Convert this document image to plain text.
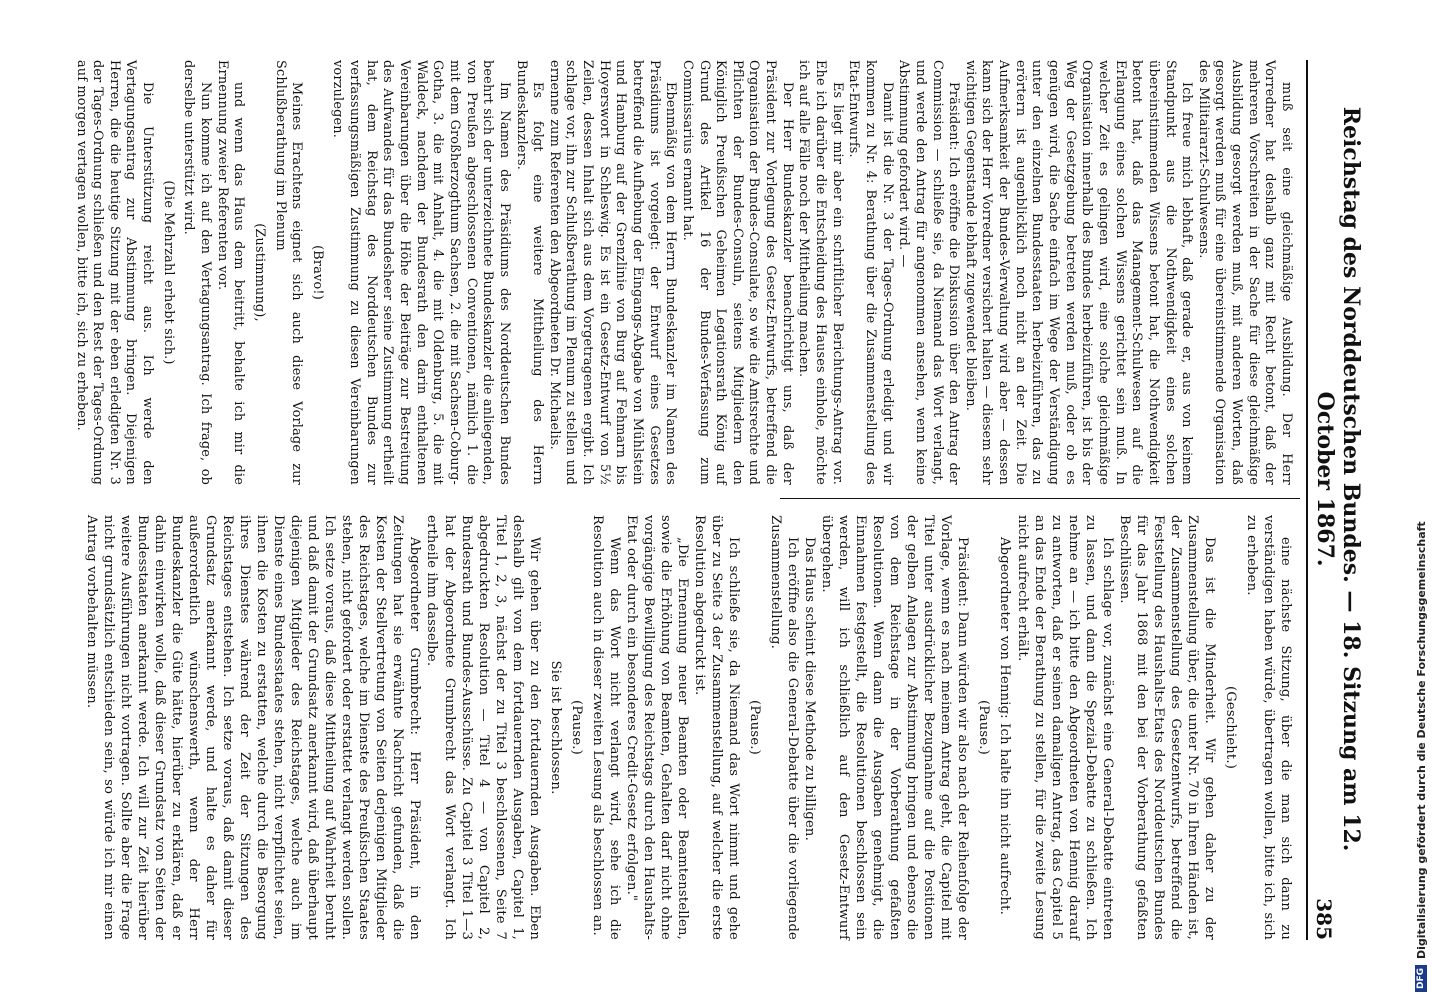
Reichstag des Norddeutschen Bundes. — 18. Sitzung am 12. October 1867.
385

muß seit eine gleichmäßige Ausbildung. Der Herr Vorredner hat deshalb ganz mit Recht betont, daß der mehreren Vorschreiten in der Sache für diese gleichmäßige Ausbildung gesorgt werden muß, mit anderen Worten, daß gesorgt werden muß für eine übereinstimmende Organisation des Militairarzt-Schulwesens.

Ich freue mich lebhaft, daß gerade er, aus von keinem Standpunkt aus die Nothwendigkeit eines solchen übereinstimmenden Wissens betont hat, die Nothwendigkeit betont hat, daß das Management-Schulwesen auf die Erlangung eines solchen Wissens gerichtet sein muß. In welcher Zeit es gelingen wird, eine solche gleichmäßige Organisation innerhalb des Bundes herbeizuführen, ist bis der Weg der Gesetzgebung betreten werden muß, oder ob es genügen wird, die Sache einfach im Wege der Verständigung unter den einzelnen Bundesstaaten herbeizuführen, das zu erörtern ist augenblicklich noch nicht an der Zeit. Die Aufmerksamkeit der Bundes-Verwaltung wird aber — dessen kann sich der Herr Vorredner versichert halten — diesem sehr wichtigen Gegenstande lebhaft zugewendet bleiben.

Präsident: Ich eröffne die Diskussion über den Antrag der Commission — schließe sie, da Niemand das Wort verlangt, und werde den Antrag für angenommen ansehen, wenn keine Abstimmung gefordert wird. —

Damit ist die Nr. 3 der Tages-Ordnung erledigt und wir kommen zu Nr. 4: Berathung über die Zusammenstellung des Etat-Entwurfs.

Es liegt mir aber ein schriftlicher Berichtungs-Antrag vor. Ehe ich darüber die Entscheidung des Hauses einhole, möchte ich auf alle Fälle noch der Mittheilung machen.

Der Herr Bundeskanzler benachrichtigt uns, daß der Präsident zur Vorlegung des Gesetz-Entwurfs, betreffend die Organisation der Bundes-Consulate, so wie die Amtsrechte und Pflichten der Bundes-Consuln, seitens Mitgliedern den Königlich Preußischen Geheimen Legationsrath König auf Grund des Artikel 16 der Bundes-Verfassung zum Commissarius ernannt hat.

Ebenmäßig von dem Herrn Bundeskanzler im Namen des Präsidiums ist vorgelegt: der Entwurf eines Gesetzes betreffend die Aufhebung der Eingangs-Abgabe von Mühlstein und Hamburg auf der Grenzlinie von Burg auf Fehmarn bis Hoyerswort in Schleswig. Es ist ein Gesetz-Entwurf von 5½ Zeilen, dessen Inhalt sich aus dem Vorgetragenen ergibt. Ich schlage vor, ihn zur Schlußberathung im Plenum zu stellen und ernenne zum Referenten den Abgeordneten Dr. Michaelis.

Es folgt eine weitere Mittheilung des Herrn Bundeskanzlers.

Im Namen des Präsidiums des Norddeutschen Bundes beehrt sich der unterzeichnete Bundeskanzler die anliegenden, von Preußen abgeschlossenen Conventionen, nämlich 1. die mit dem Großherzogthum Sachsen, 2. die mit Sachsen-Coburg-Gotha, 3. die mit Anhalt, 4. die mit Oldenburg, 5. die mit Waldeck, nachdem der Bundesrath den darin enthaltenen Vereinbarungen über die Höhe der Beiträge zur Bestreitung des Aufwandes für das Bundesheer seine Zustimmung ertheilt hat, dem Reichstag des Norddeutschen Bundes zur verfassungsmäßigen Zustimmung zu diesen Vereinbarungen vorzulegen.

(Bravo!)

Meines Erachtens eignet sich auch diese Vorlage zur Schlußberathung im Plenum

(Zustimmung),

und wenn das Haus dem beitritt, behalte ich mir die Ernennung zweier Referenten vor.

Nun komme ich auf den Vertagungsantrag. Ich frage, ob derselbe unterstützt wird.

(Die Mehrzahl erhebt sich.)

Die Unterstützung reicht aus. Ich werde den Vertagungsantrag zur Abstimmung bringen. Diejenigen Herren, die die heutige Sitzung mit der eben erledigten Nr. 3 der Tages-Ordnung schließen und den Rest der Tages-Ordnung auf morgen vertagen wollen, bitte ich, sich zu erheben.

eine nächste Sitzung, über die man sich dann zu verständigen haben würde, übertragen wollen, bitte ich, sich zu erheben.

(Geschieht.)

Das ist die Minderheit. Wir gehen daher zu der Zusammenstellung über, die unter Nr. 70 in Ihren Händen ist, der Zusammenstellung des Gesetzentwurfs, betreffend die Feststellung des Haushalts-Etats des Norddeutschen Bundes für das Jahr 1868 mit den bei der Vorberathung gefaßten Beschlüssen.

Ich schlage vor, zunächst eine General-Debatte eintreten zu lassen, und dann die Spezial-Debatte zu schließen. Ich nehme an — ich bitte den Abgeordneten von Hennig darauf zu antworten, daß er seinen damaligen Antrag, das Capitel 5 an das Ende der Berathung zu stellen, für die zweite Lesung nicht aufrecht erhält.

Abgeordneter von Hennig: Ich halte ihn nicht aufrecht.

(Pause.)

Präsident: Dann würden wir also nach der Reihenfolge der Vorlage, wenn es nach meinem Antrag geht, die Capitel mit Titel unter ausdrücklicher Bezugnahme auf die Positionen der gelben Anlagen zur Abstimmung bringen und ebenso die von dem Reichstage in der Vorberathung gefaßten Resolutionen. Wenn dann die Ausgaben genehmigt, die Einnahmen festgestellt, die Resolutionen beschlossen sein werden, will ich schließlich auf den Gesetz-Entwurf übergehen.

Das Haus scheint diese Methode zu billigen.

Ich eröffne also die General-Debatte über die vorliegende Zusammenstellung.

(Pause.)

Ich schließe sie, da Niemand das Wort nimmt und gehe über zu Seite 3 der Zusammenstellung, auf welcher die erste Resolution abgedruckt ist.

„Die Ernennung neuer Beamten oder Beamtenstellen, sowie die Erhöhung von Beamten, Gehalten darf nicht ohne vorgängige Bewilligung des Reichstags durch den Haushalts-Etat oder durch ein besonderes Credit-Gesetz erfolgen."

Wenn das Wort nicht verlangt wird, sehe ich die Resolution auch in dieser zweiten Lesung als beschlossen an.

(Pause.)

Sie ist beschlossen.

Wir gehen über zu den fortdauernden Ausgaben. Eben deshalb gilt von dem fortdauernden Ausgaben, Capitel 1, Titel 1, 2, 3, nächst der zu Titel 3 beschlossenen, Seite 7 abgedruckten Resolution — Titel 4 — von Capitel 2, Bundesrath und Bundes-Ausschüsse. Zu Capitel 3 Titel 1—3 hat der Abgeordnete Grumbrecht das Wort verlangt. Ich ertheile ihm dasselbe.

Abgeordneter Grumbrecht: Herr Präsident, in den Zeitungen hat sie erwähnte Nachricht gefunden, daß die Kosten der Stellvertretung von Seiten derjenigen Mitglieder des Reichstages, welche im Dienste des Preußischen Staates stehen, nicht gefordert oder erstattet verlangt werden sollen. Ich setze voraus, daß diese Mittheilung auf Wahrheit beruht und daß damit der Grundsatz anerkannt wird, daß überhaupt diejenigen Mitglieder des Reichstages, welche auch im Dienste eines Bundesstaates stehen, nicht verpflichtet seien, ihnen die Kosten zu erstatten, welche durch die Besorgung ihres Dienstes während der Zeit der Sitzungen des Reichstages entstehen. Ich setze voraus, daß damit dieser Grundsatz anerkannt werde, und halte es daher für außerordentlich wünschenswerth, wenn der Herr Bundeskanzler die Güte hätte, hierüber zu erklären, daß er dahin einwirken wolle, daß dieser Grundsatz von Seiten der Bundesstaaten anerkannt werde. Ich will zur Zeit hierüber weitere Ausführungen nicht vortragen. Sollte aber die Frage nicht grundsätzlich entschieden sein, so würde ich mir einen Antrag vorbehalten müssen.

DFG
Digitalisierung gefördert durch die Deutsche Forschungsgemeinschaft
